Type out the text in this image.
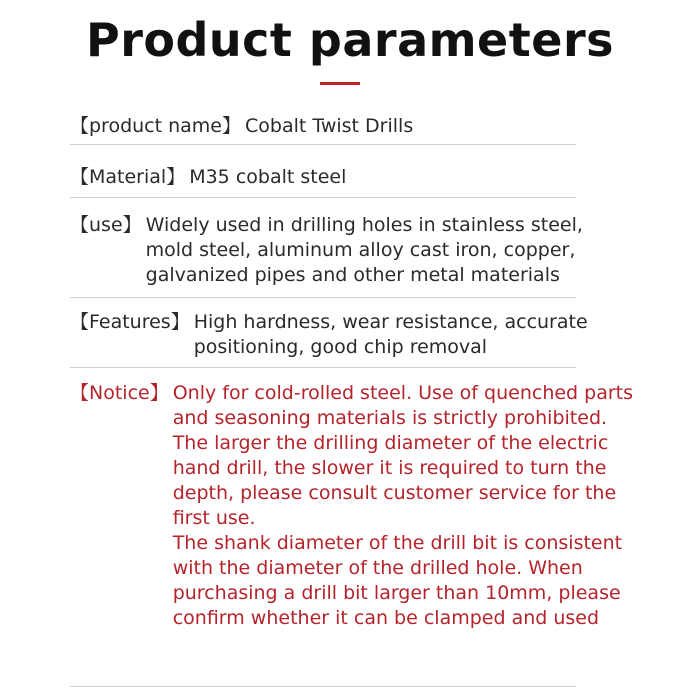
Product parameters
【product name】 Cobalt Twist Drills
【Material】 M35 cobalt steel
【use】 Widely used in drilling holes in stainless steel, mold steel, aluminum alloy cast iron, copper, galvanized pipes and other metal materials
【Features】 High hardness, wear resistance, accurate positioning, good chip removal
【Notice】 Only for cold-rolled steel. Use of quenched parts and seasoning materials is strictly prohibited.

The larger the drilling diameter of the electric hand drill, the slower it is required to turn the depth, please consult customer service for the first use.

The shank diameter of the drill bit is consistent with the diameter of the drilled hole. When purchasing a drill bit larger than 10mm, please confirm whether it can be clamped and used
